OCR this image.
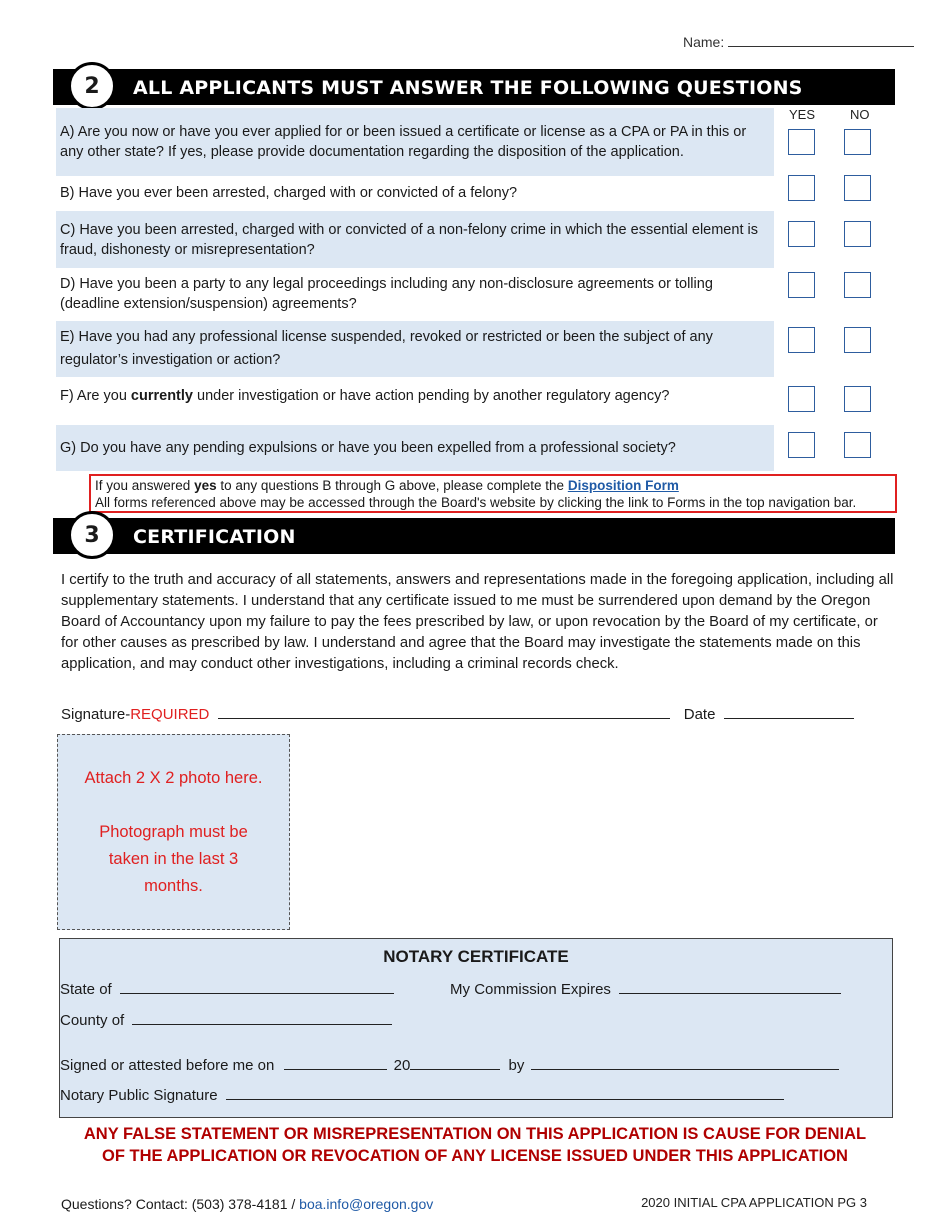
Name:
2	ALL APPLICANTS MUST ANSWER THE FOLLOWING QUESTIONS
YES	NO
A) Are you now or have you ever applied for or been issued a certificate or license as a CPA or PA in this or any other state? If yes, please provide documentation regarding the disposition of the application.
B) Have you ever been arrested, charged with or convicted of a felony?
C) Have you been arrested, charged with or convicted of a non-felony crime in which the essential element is fraud, dishonesty or misrepresentation?
D) Have you been a party to any legal proceedings including any non-disclosure agreements or tolling (deadline extension/suspension) agreements?
E) Have you had any professional license suspended, revoked or restricted or been the subject of any regulator’s investigation or action?
F) Are you currently under investigation or have action pending by another regulatory agency?
G) Do you have any pending expulsions or have you been expelled from a professional society?
If you answered yes to any questions B through G above, please complete the Disposition Form
All forms referenced above may be accessed through the Board's website by clicking the link to Forms in the top navigation bar.
3	CERTIFICATION
I certify to the truth and accuracy of all statements, answers and representations made in the foregoing application, including all supplementary statements. I understand that any certificate issued to me must be surrendered upon demand by the Oregon Board of Accountancy upon my failure to pay the fees prescribed by law, or upon revocation by the Board of my certificate, or for other causes as prescribed by law. I understand and agree that the Board may investigate the statements made on this application, and may conduct other investigations, including a criminal records check.
Signature-REQUIRED	Date
Attach 2 X 2 photo here.
Photograph must be taken in the last 3 months.
NOTARY CERTIFICATE
State of	My Commission Expires
County of
Signed or attested before me on	20	by
Notary Public Signature
ANY FALSE STATEMENT OR MISREPRESENTATION ON THIS APPLICATION IS CAUSE FOR DENIAL
OF THE APPLICATION OR REVOCATION OF ANY LICENSE ISSUED UNDER THIS APPLICATION
Questions? Contact: (503) 378-4181 / boa.info@oregon.gov	2020 INITIAL CPA APPLICATION PG 3
